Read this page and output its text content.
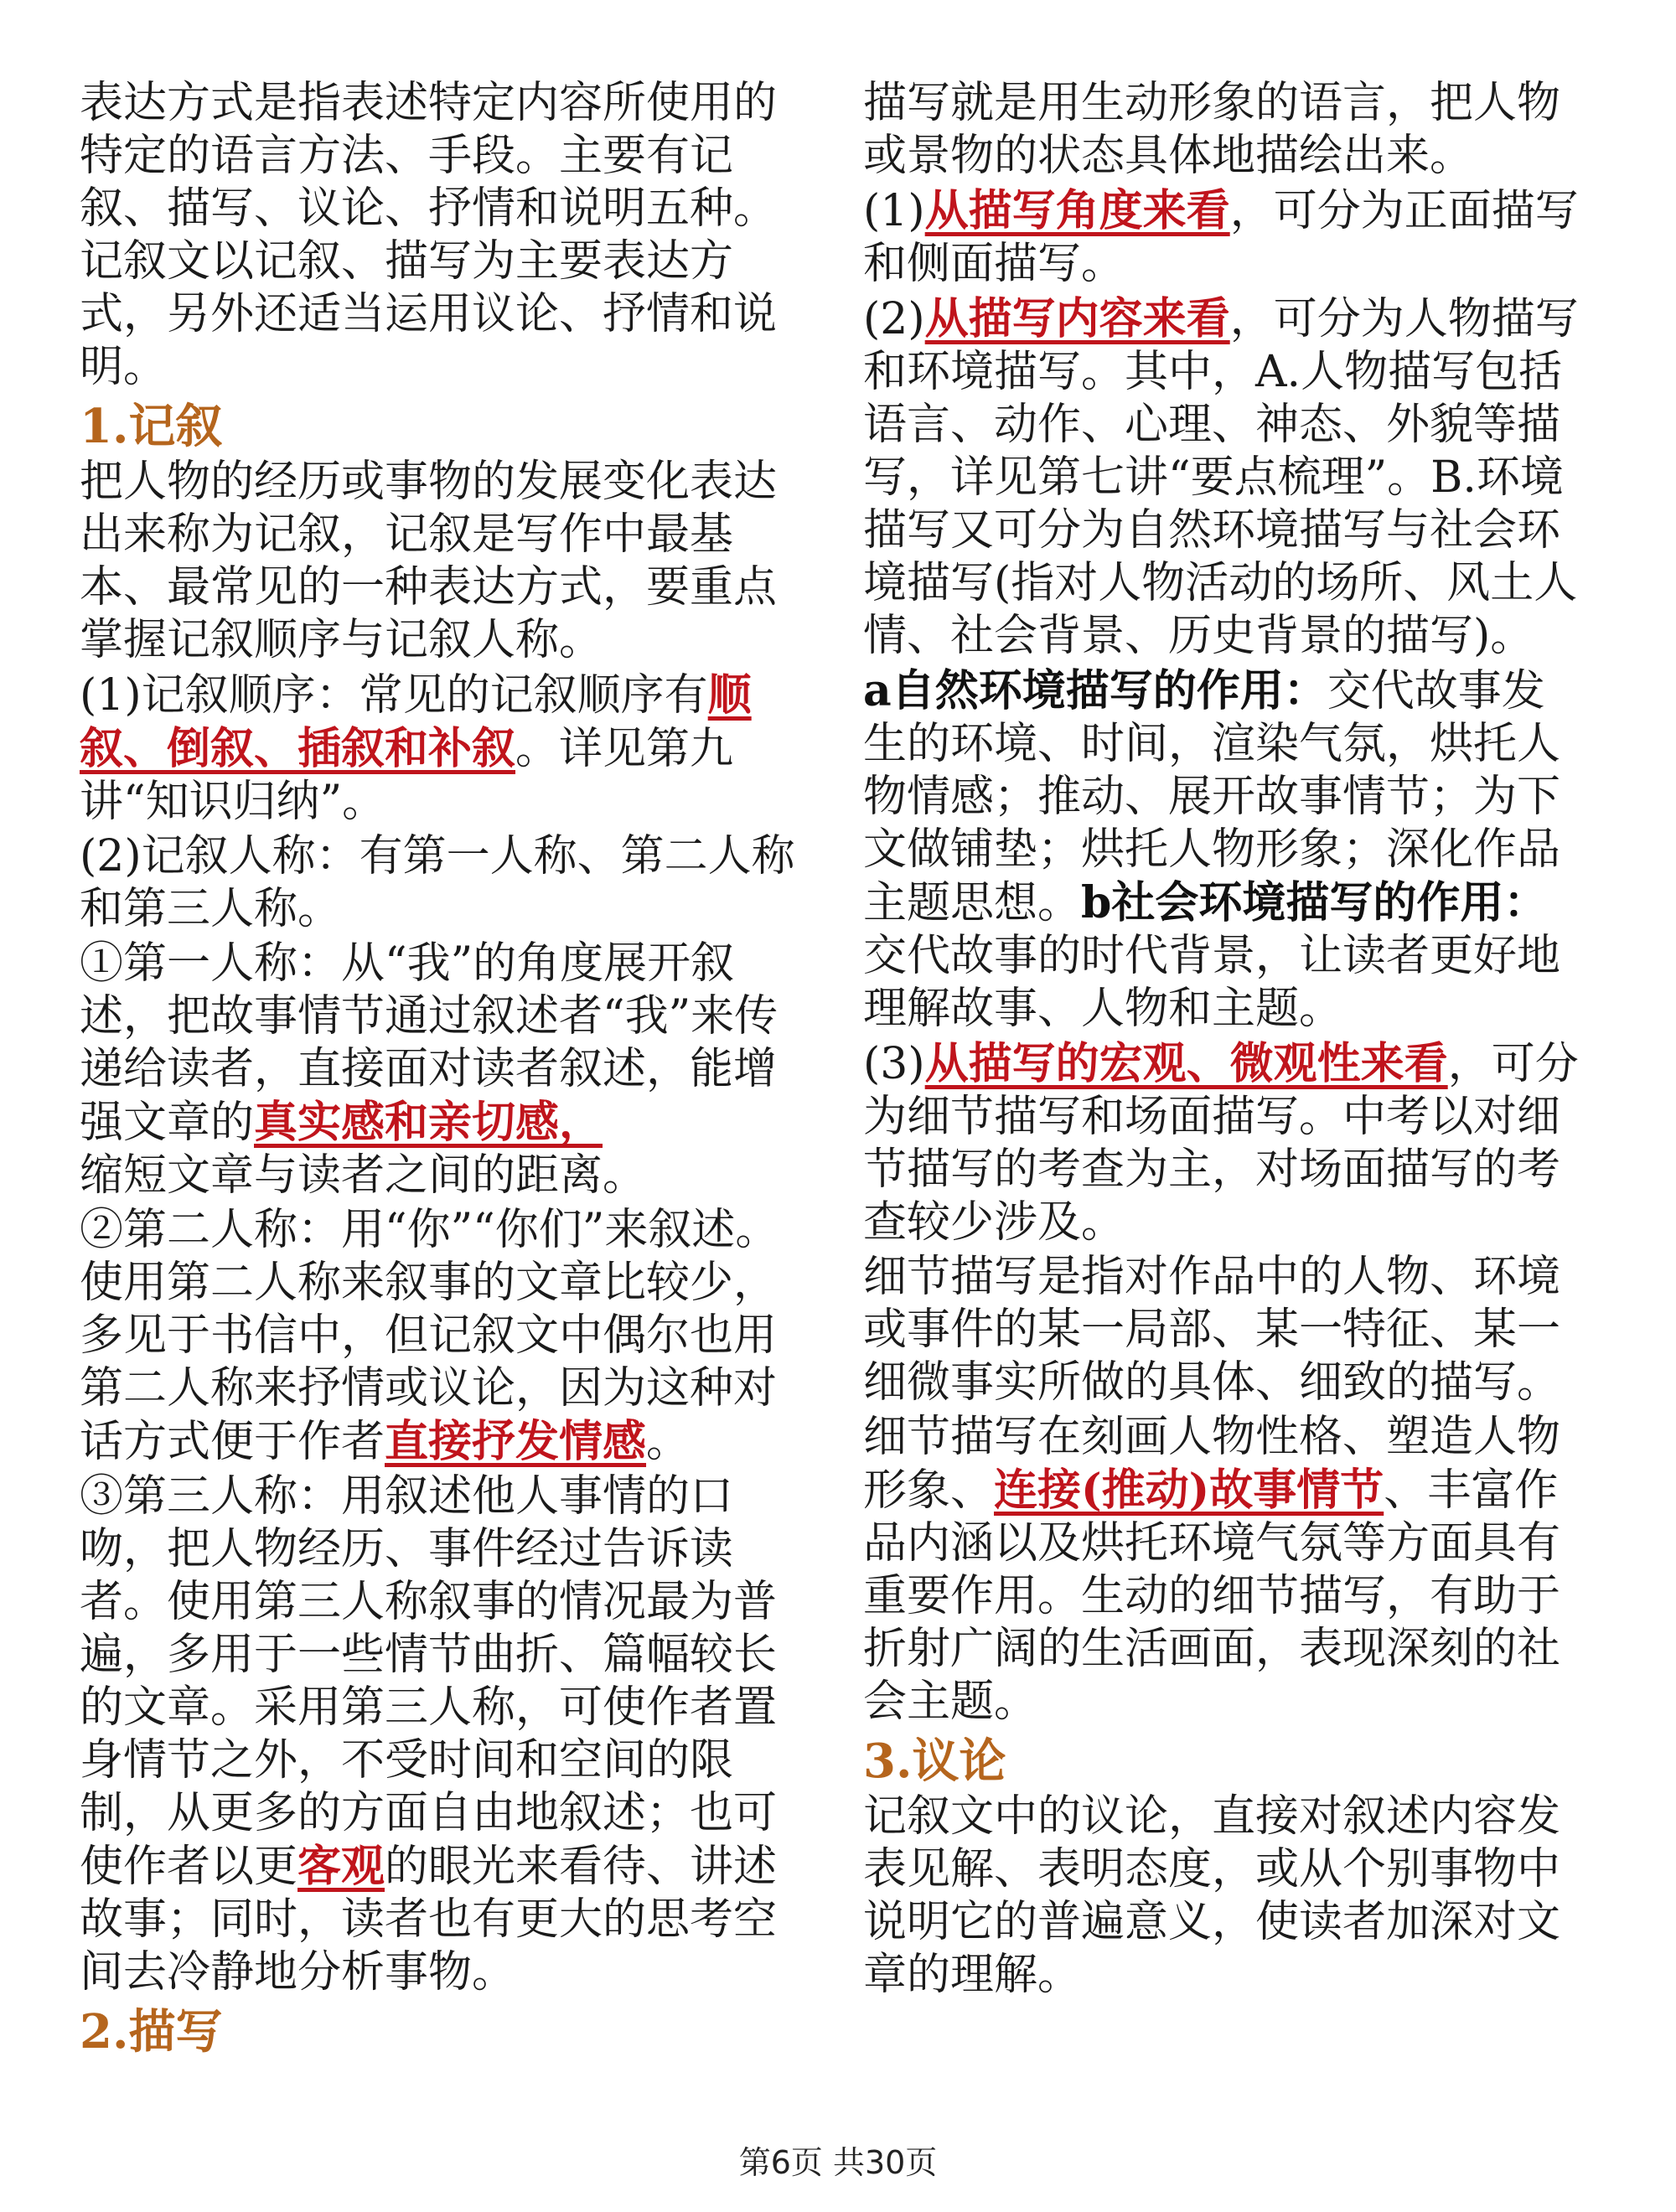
表达方式是指表述特定内容所使用的特定的语言方法、手段。主要有记叙、描写、议论、抒情和说明五种。记叙文以记叙、描写为主要表达方式，另外还适当运用议论、抒情和说明。

1.记叙

把人物的经历或事物的发展变化表达出来称为记叙，记叙是写作中最基本、最常见的一种表达方式，要重点掌握记叙顺序与记叙人称。

(1)记叙顺序：常见的记叙顺序有顺叙、倒叙、插叙和补叙。详见第九讲“知识归纳”。

(2)记叙人称：有第一人称、第二人称和第三人称。

①第一人称：从“我”的角度展开叙述，把故事情节通过叙述者“我”来传递给读者，直接面对读者叙述，能增强文章的真实感和亲切感，
缩短文章与读者之间的距离。

②第二人称：用“你”“你们”来叙述。使用第二人称来叙事的文章比较少，多见于书信中，但记叙文中偶尔也用第二人称来抒情或议论，因为这种对话方式便于作者直接抒发情感。

③第三人称：用叙述他人事情的口吻，把人物经历、事件经过告诉读者。使用第三人称叙事的情况最为普遍，多用于一些情节曲折、篇幅较长的文章。采用第三人称，可使作者置身情节之外，不受时间和空间的限制，从更多的方面自由地叙述；也可使作者以更客观的眼光来看待、讲述故事；同时，读者也有更大的思考空间去冷静地分析事物。

2.描写

描写就是用生动形象的语言，把人物或景物的状态具体地描绘出来。

(1)从描写角度来看，可分为正面描写和侧面描写。

(2)从描写内容来看，可分为人物描写和环境描写。其中，A.人物描写包括语言、动作、心理、神态、外貌等描写，详见第七讲“要点梳理”。B.环境描写又可分为自然环境描写与社会环境描写(指对人物活动的场所、风土人情、社会背景、历史背景的描写)。

a自然环境描写的作用：交代故事发生的环境、时间，渲染气氛，烘托人物情感；推动、展开故事情节；为下文做铺垫；烘托人物形象；深化作品主题思想。b社会环境描写的作用：交代故事的时代背景，让读者更好地理解故事、人物和主题。

(3)从描写的宏观、微观性来看，可分为细节描写和场面描写。中考以对细节描写的考查为主，对场面描写的考查较少涉及。

细节描写是指对作品中的人物、环境或事件的某一局部、某一特征、某一细微事实所做的具体、细致的描写。

细节描写在刻画人物性格、塑造人物形象、连接(推动)故事情节、丰富作品内涵以及烘托环境气氛等方面具有重要作用。生动的细节描写，有助于折射广阔的生活画面，表现深刻的社会主题。

3.议论

记叙文中的议论，直接对叙述内容发表见解、表明态度，或从个别事物中说明它的普遍意义，使读者加深对文章的理解。

第6页 共30页
